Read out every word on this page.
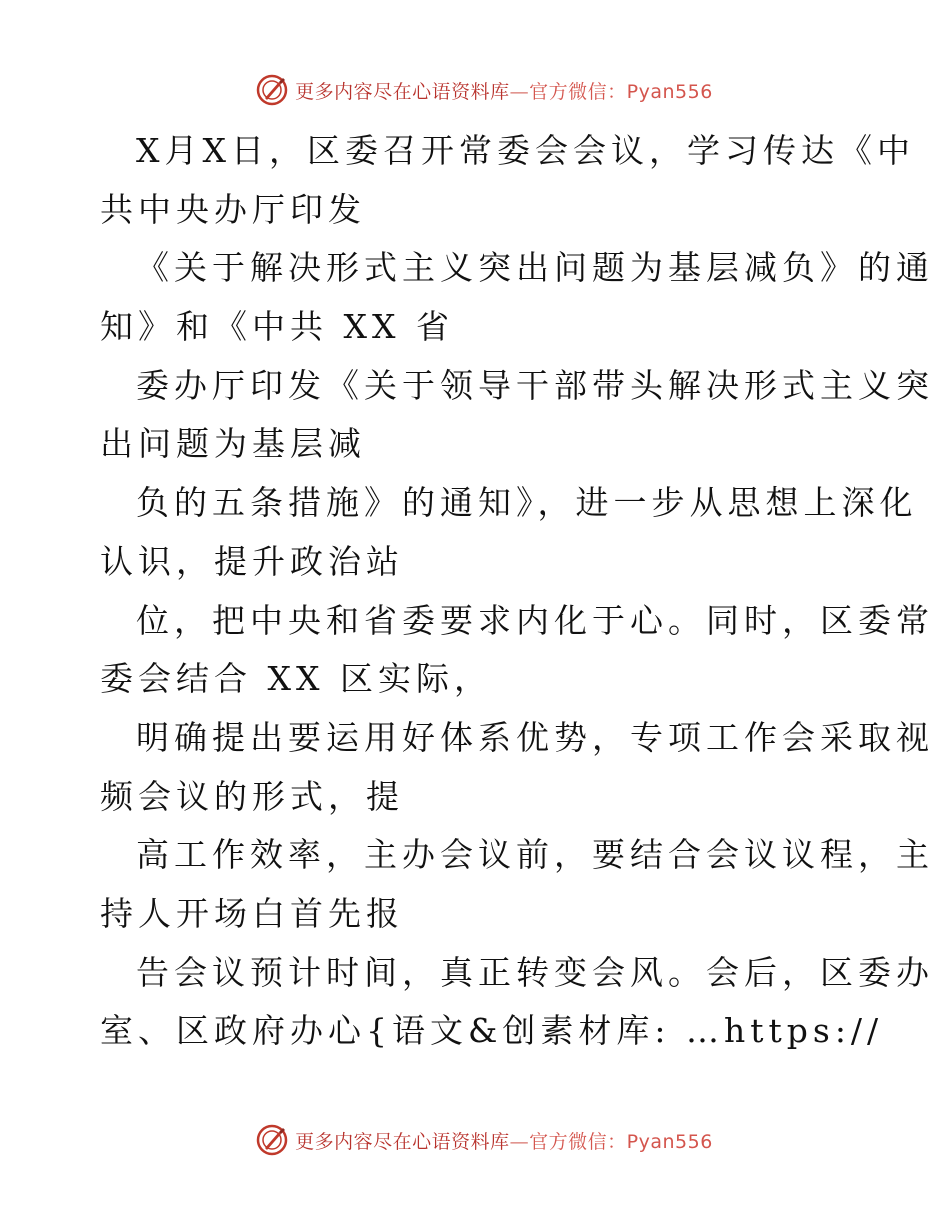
更多内容尽在心语资料库—官方微信：Pyan556
X月X日，区委召开常委会会议，学习传达《中
共中央办厅印发
《关于解决形式主义突出问题为基层减负》的通
知》和《中共 XX 省
委办厅印发《关于领导干部带头解决形式主义突
出问题为基层减
负的五条措施》的通知》，进一步从思想上深化
认识，提升政治站
位，把中央和省委要求内化于心。同时，区委常
委会结合 XX 区实际，
明确提出要运用好体系优势，专项工作会采取视
频会议的形式，提
高工作效率，主办会议前，要结合会议议程，主
持人开场白首先报
告会议预计时间，真正转变会风。会后，区委办
室、区政府办心{语文&创素材库: …https://
更多内容尽在心语资料库—官方微信：Pyan556
